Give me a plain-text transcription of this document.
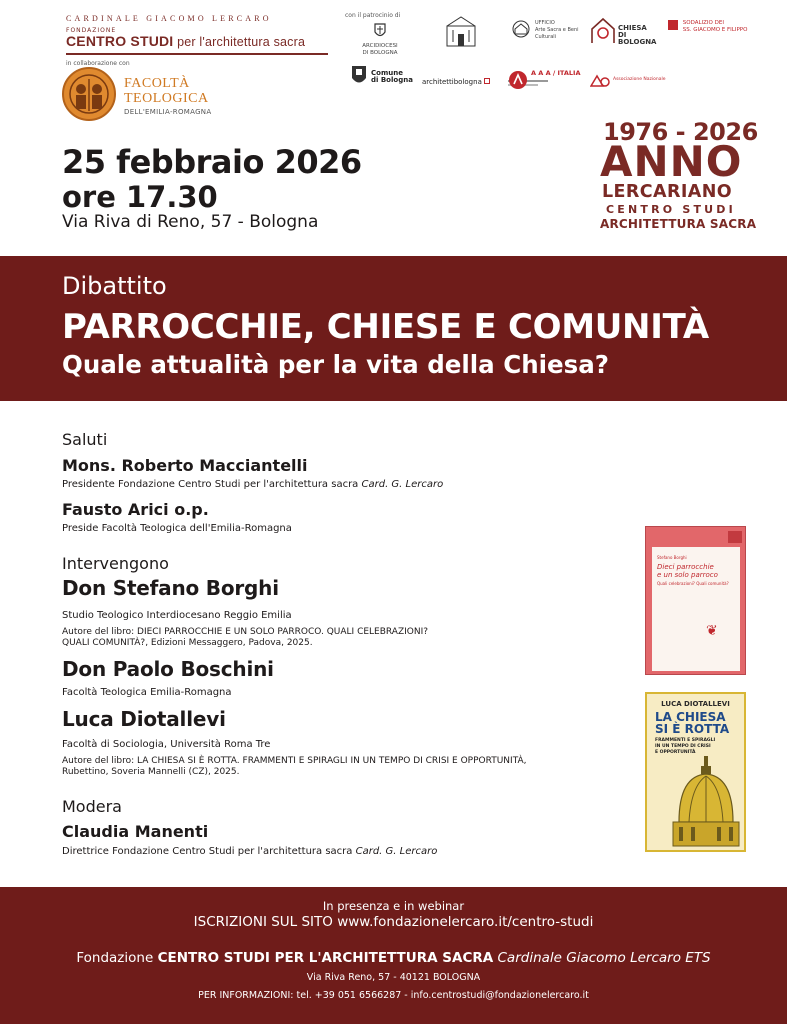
CARDINALE GIACOMO LERCARO
FONDAZIONE
CENTRO STUDI per l'architettura sacra
in collaborazione con
FACOLTÀ
TEOLOGICA
DELL'EMILIA-ROMAGNA
con il patrocinio di
ARCIDIOCESI
DI BOLOGNA
UFFICIO
Arte Sacra e Beni Culturali
CHIESA
DI BOLOGNA
SODALIZIO DEI
SS. GIACOMO E FILIPPO
Comune
di Bologna architettibologna
A A A / ITALIA
Associazione Nazionale
25 febbraio 2026
ore 17.30
Via Riva di Reno, 57 - Bologna
1976 - 2026
ANNO
LERCARIANO
CENTRO STUDI
ARCHITETTURA SACRA
Dibattito
PARROCCHIE, CHIESE E COMUNITÀ
Quale attualità per la vita della Chiesa?
Saluti
Mons. Roberto Macciantelli
Presidente Fondazione Centro Studi per l'architettura sacra Card. G. Lercaro
Fausto Arici o.p.
Preside Facoltà Teologica dell'Emilia-Romagna
Intervengono
Don Stefano Borghi
Studio Teologico Interdiocesano Reggio Emilia
Autore del libro: DIECI PARROCCHIE E UN SOLO PARROCO. QUALI CELEBRAZIONI?
QUALI COMUNITÀ?, Edizioni Messaggero, Padova, 2025.
Don Paolo Boschini
Facoltà Teologica Emilia-Romagna
Luca Diotallevi
Facoltà di Sociologia, Università Roma Tre
Autore del libro: LA CHIESA SI È ROTTA. FRAMMENTI E SPIRAGLI IN UN TEMPO DI CRISI E OPPORTUNITÀ,
Rubettino, Soveria Mannelli (CZ), 2025.
Modera
Claudia Manenti
Direttrice Fondazione Centro Studi per l'architettura sacra Card. G. Lercaro
Stefano Borghi
Dieci parrocchie
e un solo parroco
Quali celebrazioni? Quali comunità?
❦
LUCA DIOTALLEVI
LA CHIESA
SI È ROTTA
FRAMMENTI E SPIRAGLI
IN UN TEMPO DI CRISI
E OPPORTUNITÀ
In presenza e in webinar
ISCRIZIONI SUL SITO www.fondazionelercaro.it/centro-studi
Fondazione CENTRO STUDI PER L'ARCHITETTURA SACRA Cardinale Giacomo Lercaro ETS
Via Riva Reno, 57 - 40121 BOLOGNA
PER INFORMAZIONI: tel. +39 051 6566287 - info.centrostudi@fondazionelercaro.it
